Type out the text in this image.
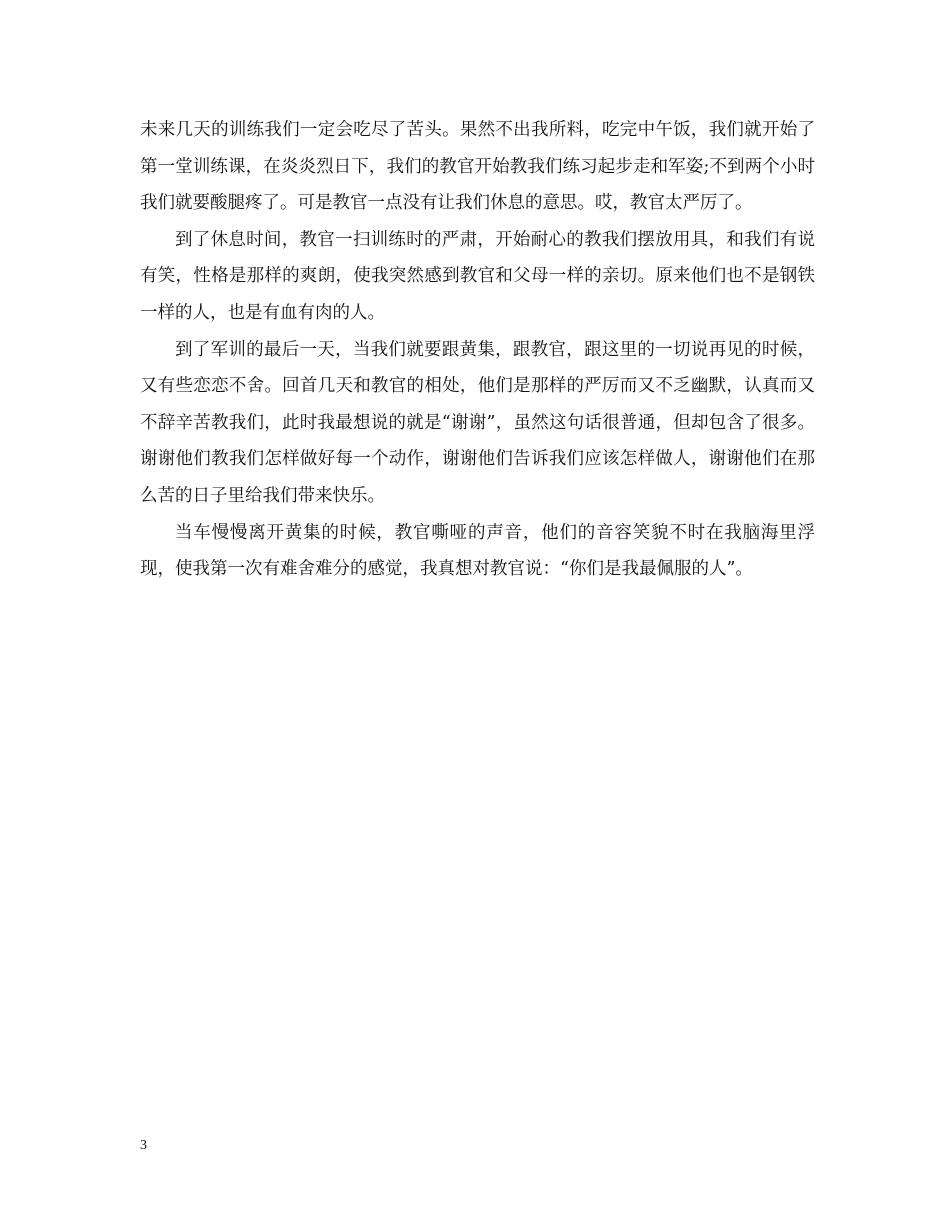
未来几天的训练我们一定会吃尽了苦头。果然不出我所料，吃完中午饭，我们就开始了第一堂训练课，在炎炎烈日下，我们的教官开始教我们练习起步走和军姿;不到两个小时我们就要酸腿疼了。可是教官一点没有让我们休息的意思。哎，教官太严厉了。

到了休息时间，教官一扫训练时的严肃，开始耐心的教我们摆放用具，和我们有说有笑，性格是那样的爽朗，使我突然感到教官和父母一样的亲切。原来他们也不是钢铁一样的人，也是有血有肉的人。

到了军训的最后一天，当我们就要跟黄集，跟教官，跟这里的一切说再见的时候，又有些恋恋不舍。回首几天和教官的相处，他们是那样的严厉而又不乏幽默，认真而又不辞辛苦教我们，此时我最想说的就是“谢谢”，虽然这句话很普通，但却包含了很多。谢谢他们教我们怎样做好每一个动作，谢谢他们告诉我们应该怎样做人，谢谢他们在那么苦的日子里给我们带来快乐。

当车慢慢离开黄集的时候，教官嘶哑的声音，他们的音容笑貌不时在我脑海里浮现，使我第一次有难舍难分的感觉，我真想对教官说：“你们是我最佩服的人”。

3
